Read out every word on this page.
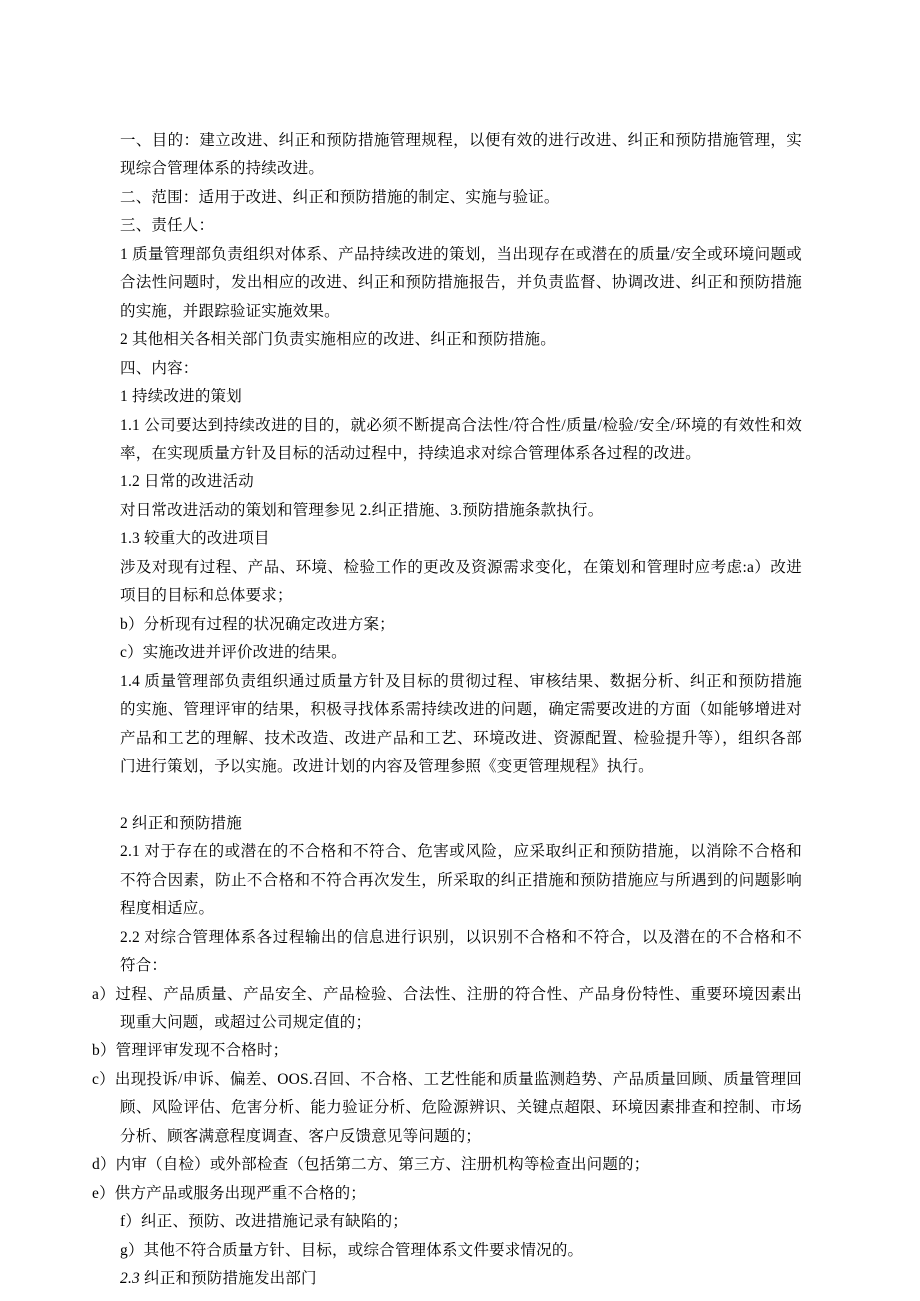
一、目的：建立改进、纠正和预防措施管理规程，以便有效的进行改进、纠正和预防措施管理，实现综合管理体系的持续改进。

二、范围：适用于改进、纠正和预防措施的制定、实施与验证。

三、责任人：

1 质量管理部负责组织对体系、产品持续改进的策划，当出现存在或潜在的质量/安全或环境问题或合法性问题时，发出相应的改进、纠正和预防措施报告，并负责监督、协调改进、纠正和预防措施的实施，并跟踪验证实施效果。

2 其他相关各相关部门负责实施相应的改进、纠正和预防措施。

四、内容：

1 持续改进的策划

1.1 公司要达到持续改进的目的，就必须不断提高合法性/符合性/质量/检验/安全/环境的有效性和效率，在实现质量方针及目标的活动过程中，持续追求对综合管理体系各过程的改进。

1.2 日常的改进活动

对日常改进活动的策划和管理参见 2.纠正措施、3.预防措施条款执行。

1.3 较重大的改进项目

涉及对现有过程、产品、环境、检验工作的更改及资源需求变化，在策划和管理时应考虑:a）改进项目的目标和总体要求；

b）分析现有过程的状况确定改进方案；

c）实施改进并评价改进的结果。

1.4 质量管理部负责组织通过质量方针及目标的贯彻过程、审核结果、数据分析、纠正和预防措施的实施、管理评审的结果，积极寻找体系需持续改进的问题，确定需要改进的方面（如能够增进对产品和工艺的理解、技术改造、改进产品和工艺、环境改进、资源配置、检验提升等），组织各部门进行策划，予以实施。改进计划的内容及管理参照《变更管理规程》执行。

2 纠正和预防措施

2.1 对于存在的或潜在的不合格和不符合、危害或风险，应采取纠正和预防措施，以消除不合格和不符合因素，防止不合格和不符合再次发生，所采取的纠正措施和预防措施应与所遇到的问题影响程度相适应。

2.2 对综合管理体系各过程输出的信息进行识别，以识别不合格和不符合，以及潜在的不合格和不符合：

a）过程、产品质量、产品安全、产品检验、合法性、注册的符合性、产品身份特性、重要环境因素出现重大问题，或超过公司规定值的；

b）管理评审发现不合格时；

c）出现投诉/申诉、偏差、OOS.召回、不合格、工艺性能和质量监测趋势、产品质量回顾、质量管理回顾、风险评估、危害分析、能力验证分析、危险源辨识、关键点超限、环境因素排查和控制、市场分析、顾客满意程度调查、客户反馈意见等问题的；

d）内审（自检）或外部检查（包括第二方、第三方、注册机构等检查出问题的；

e）供方产品或服务出现严重不合格的；

f）纠正、预防、改进措施记录有缺陷的；

g）其他不符合质量方针、目标，或综合管理体系文件要求情况的。

2.3 纠正和预防措施发出部门
